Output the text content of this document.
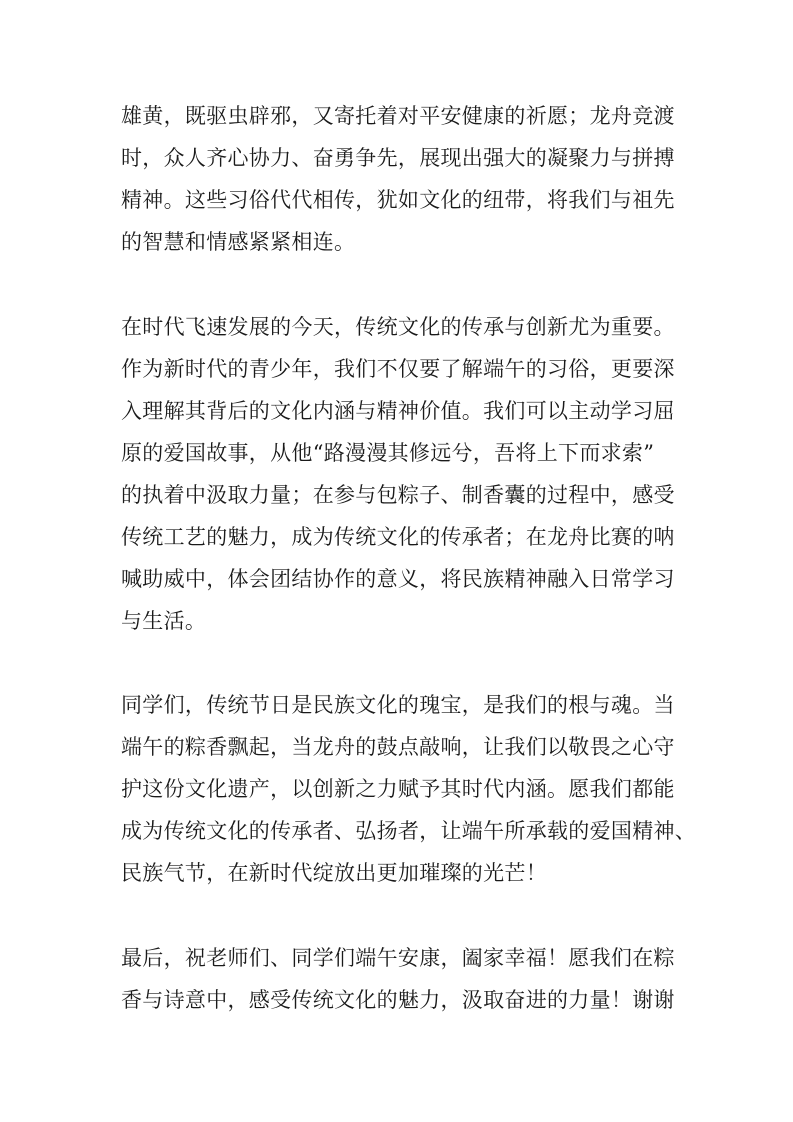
雄黄，既驱虫辟邪，又寄托着对平安健康的祈愿；龙舟竞渡
时，众人齐心协力、奋勇争先，展现出强大的凝聚力与拼搏
精神。这些习俗代代相传，犹如文化的纽带，将我们与祖先
的智慧和情感紧紧相连。
在时代飞速发展的今天，传统文化的传承与创新尤为重要。
作为新时代的青少年，我们不仅要了解端午的习俗，更要深
入理解其背后的文化内涵与精神价值。我们可以主动学习屈
原的爱国故事，从他“路漫漫其修远兮，吾将上下而求索”
的执着中汲取力量；在参与包粽子、制香囊的过程中，感受
传统工艺的魅力，成为传统文化的传承者；在龙舟比赛的呐
喊助威中，体会团结协作的意义，将民族精神融入日常学习
与生活。
同学们，传统节日是民族文化的瑰宝，是我们的根与魂。当
端午的粽香飘起，当龙舟的鼓点敲响，让我们以敬畏之心守
护这份文化遗产，以创新之力赋予其时代内涵。愿我们都能
成为传统文化的传承者、弘扬者，让端午所承载的爱国精神、
民族气节，在新时代绽放出更加璀璨的光芒！
最后，祝老师们、同学们端午安康，阖家幸福！愿我们在粽
香与诗意中，感受传统文化的魅力，汲取奋进的力量！谢谢
